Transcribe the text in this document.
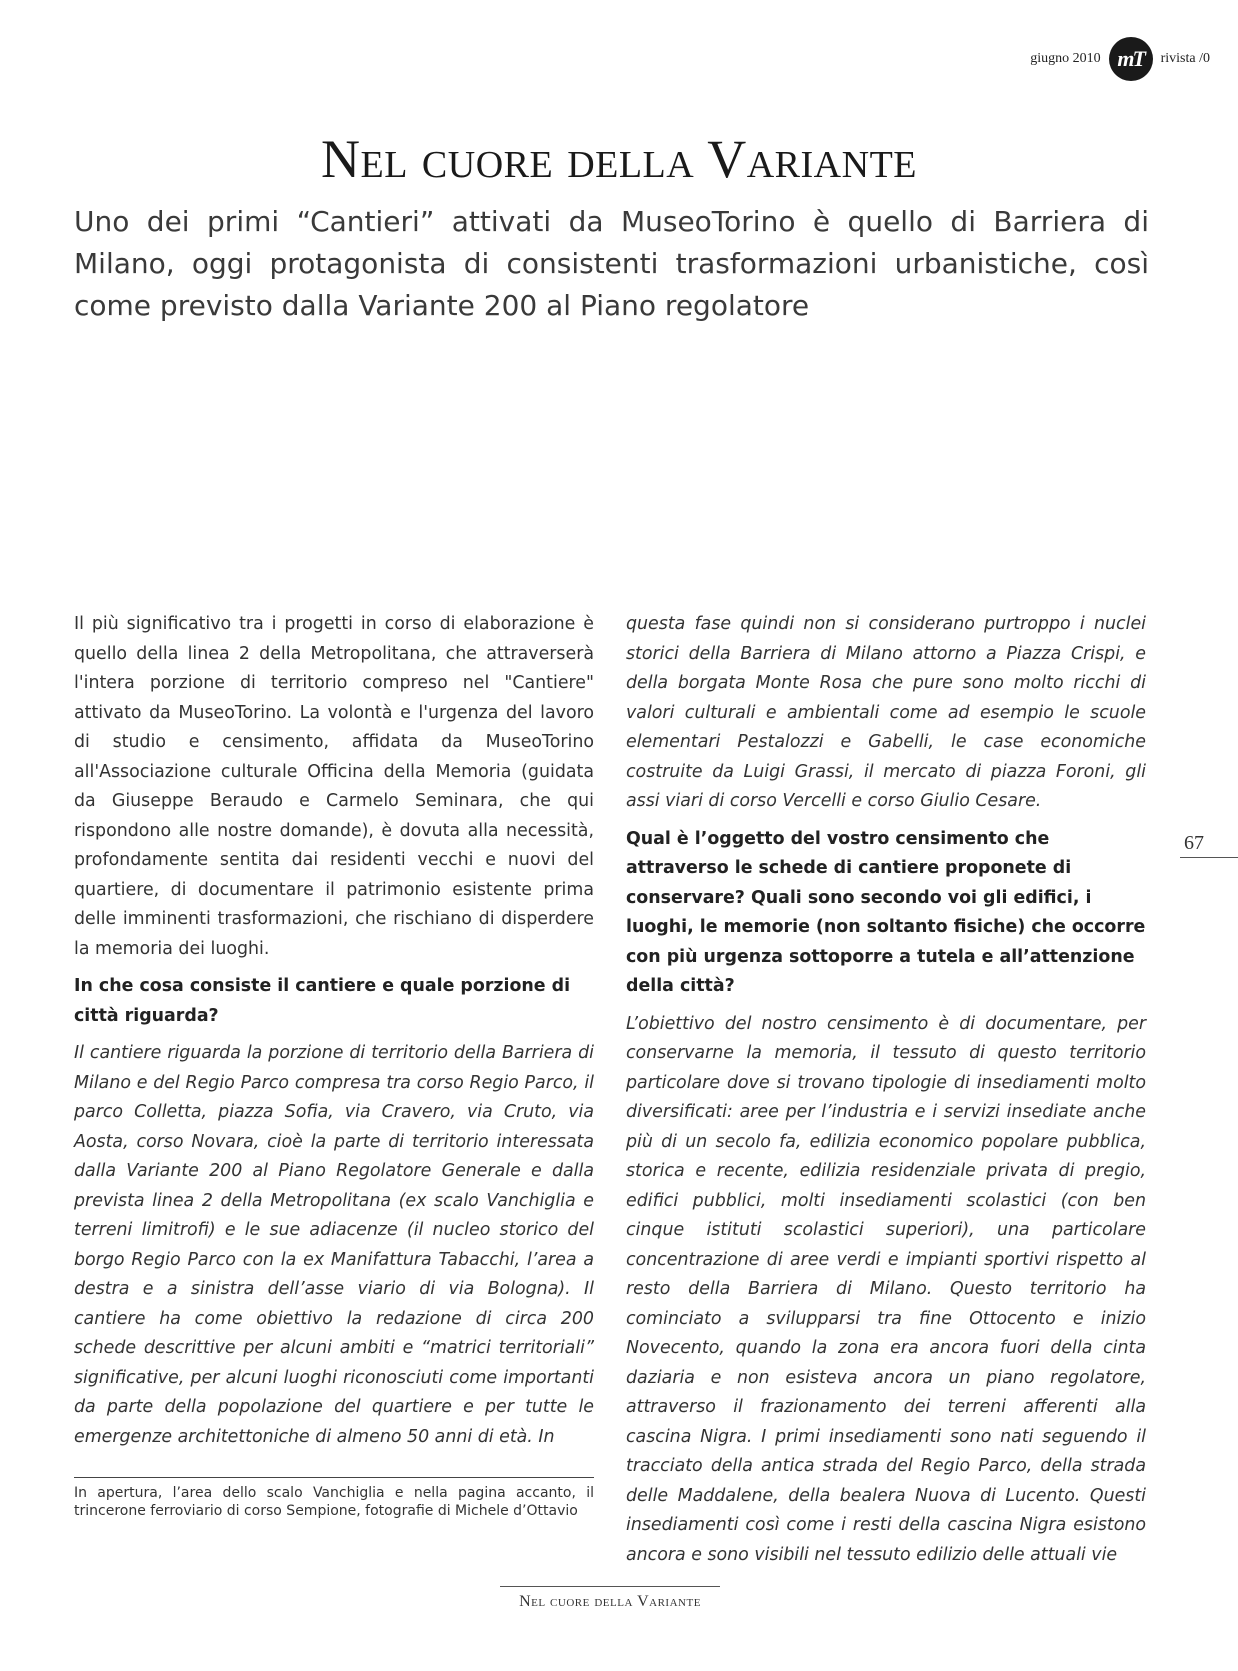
giugno 2010 mT rivista /0
Nel cuore della Variante
Uno dei primi “Cantieri” attivati da MuseoTorino è quello di Barriera di Milano, oggi protagonista di consistenti trasformazioni urbanistiche, così come previsto dalla Variante 200 al Piano regolatore

Il più significativo tra i progetti in corso di elaborazione è quello della linea 2 della Metropolitana, che attraverserà l'intera porzione di territorio compreso nel "Cantiere" attivato da MuseoTorino. La volontà e l'urgenza del lavoro di studio e censimento, affidata da MuseoTorino all'Associazione culturale Officina della Memoria (guidata da Giuseppe Beraudo e Carmelo Seminara, che qui rispondono alle nostre domande), è dovuta alla necessità, profondamente sentita dai residenti vecchi e nuovi del quartiere, di documentare il patrimonio esistente prima delle imminenti trasformazioni, che rischiano di disperdere la memoria dei luoghi.

In che cosa consiste il cantiere e quale porzione di città riguarda?

Il cantiere riguarda la porzione di territorio della Barriera di Milano e del Regio Parco compresa tra corso Regio Parco, il parco Colletta, piazza Sofia, via Cravero, via Cruto, via Aosta, corso Novara, cioè la parte di territorio interessata dalla Variante 200 al Piano Regolatore Generale e dalla prevista linea 2 della Metropolitana (ex scalo Vanchiglia e terreni limitrofi) e le sue adiacenze (il nucleo storico del borgo Regio Parco con la ex Manifattura Tabacchi, l’area a destra e a sinistra dell’asse viario di via Bologna). Il cantiere ha come obiettivo la redazione di circa 200 schede descrittive per alcuni ambiti e “matrici territoriali” significative, per alcuni luoghi riconosciuti come importanti da parte della popolazione del quartiere e per tutte le emergenze architettoniche di almeno 50 anni di età. In

In apertura, l’area dello scalo Vanchiglia e nella pagina accanto, il trincerone ferroviario di corso Sempione, fotografie di Michele d’Ottavio

questa fase quindi non si considerano purtroppo i nuclei storici della Barriera di Milano attorno a Piazza Crispi, e della borgata Monte Rosa che pure sono molto ricchi di valori culturali e ambientali come ad esempio le scuole elementari Pestalozzi e Gabelli, le case economiche costruite da Luigi Grassi, il mercato di piazza Foroni, gli assi viari di corso Vercelli e corso Giulio Cesare.

Qual è l’oggetto del vostro censimento che attraverso le schede di cantiere proponete di conservare? Quali sono secondo voi gli edifici, i luoghi, le memorie (non soltanto fisiche) che occorre con più urgenza sottoporre a tutela e all’attenzione della città?

L’obiettivo del nostro censimento è di documentare, per conservarne la memoria, il tessuto di questo territorio particolare dove si trovano tipologie di insediamenti molto diversificati: aree per l’industria e i servizi insediate anche più di un secolo fa, edilizia economico popolare pubblica, storica e recente, edilizia residenziale privata di pregio, edifici pubblici, molti insediamenti scolastici (con ben cinque istituti scolastici superiori), una particolare concentrazione di aree verdi e impianti sportivi rispetto al resto della Barriera di Milano. Questo territorio ha cominciato a svilupparsi tra fine Ottocento e inizio Novecento, quando la zona era ancora fuori della cinta daziaria e non esisteva ancora un piano regolatore, attraverso il frazionamento dei terreni afferenti alla cascina Nigra. I primi insediamenti sono nati seguendo il tracciato della antica strada del Regio Parco, della strada delle Maddalene, della bealera Nuova di Lucento. Questi insediamenti così come i resti della cascina Nigra esistono ancora e sono visibili nel tessuto edilizio delle attuali vie

67
Nel cuore della Variante
